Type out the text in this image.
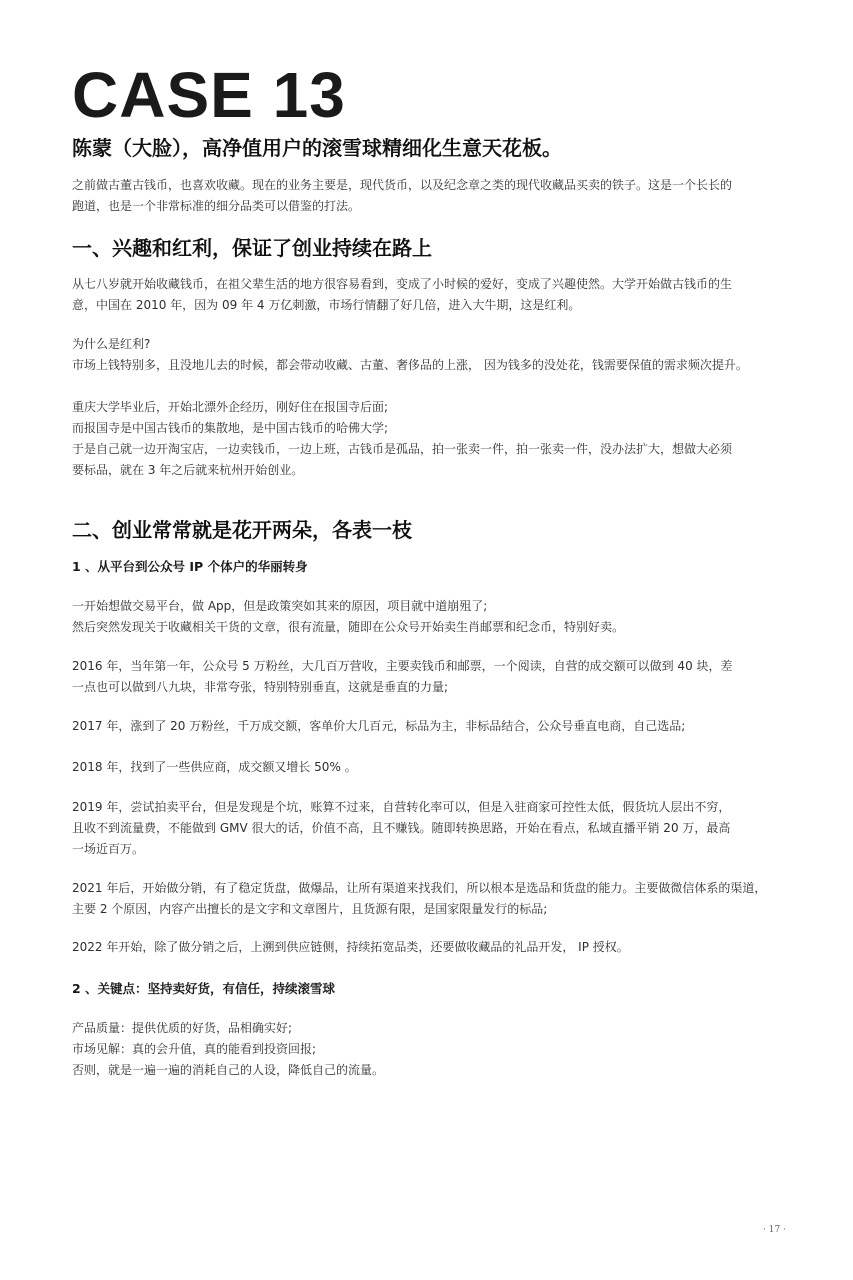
CASE 13
陈蒙（大脸），高净值用户的滚雪球精细化生意天花板。

之前做古董古钱币，也喜欢收藏。现在的业务主要是，现代货币，以及纪念章之类的现代收藏品买卖的铁子。这是一个长长的
跑道，也是一个非常标准的细分品类可以借鉴的打法。

一、兴趣和红利，保证了创业持续在路上

从七八岁就开始收藏钱币，在祖父辈生活的地方很容易看到，变成了小时候的爱好，变成了兴趣使然。大学开始做古钱币的生
意，中国在 2010 年，因为 09 年 4 万亿刺激，市场行情翻了好几倍，进入大牛期，这是红利。

为什么是红利?
市场上钱特别多，且没地儿去的时候，都会带动收藏、古董、奢侈品的上涨， 因为钱多的没处花，钱需要保值的需求频次提升。

重庆大学毕业后，开始北漂外企经历，刚好住在报国寺后面;
而报国寺是中国古钱币的集散地，是中国古钱币的哈佛大学;
于是自己就一边开淘宝店，一边卖钱币，一边上班，古钱币是孤品，拍一张卖一件，拍一张卖一件，没办法扩大，想做大必须
要标品，就在 3 年之后就来杭州开始创业。

二、创业常常就是花开两朵，各表一枝
1 、从平台到公众号 IP 个体户的华丽转身

一开始想做交易平台，做 App，但是政策突如其来的原因，项目就中道崩殂了;
然后突然发现关于收藏相关干货的文章，很有流量，随即在公众号开始卖生肖邮票和纪念币，特别好卖。

2016 年，当年第一年，公众号 5 万粉丝，大几百万营收，主要卖钱币和邮票，一个阅读，自营的成交额可以做到 40 块，差
一点也可以做到八九块，非常夸张，特别特别垂直，这就是垂直的力量;

2017 年，涨到了 20 万粉丝，千万成交额，客单价大几百元，标品为主，非标品结合，公众号垂直电商，自己选品;

2018 年，找到了一些供应商，成交额又增长 50% 。

2019 年，尝试拍卖平台，但是发现是个坑，账算不过来，自营转化率可以，但是入驻商家可控性太低，假货坑人层出不穷，
且收不到流量费，不能做到 GMV 很大的话，价值不高，且不赚钱。随即转换思路，开始在看点，私域直播平销 20 万，最高
一场近百万。

2021 年后，开始做分销，有了稳定货盘，做爆品，让所有渠道来找我们，所以根本是选品和货盘的能力。主要做微信体系的渠道，
主要 2 个原因，内容产出擅长的是文字和文章图片，且货源有限，是国家限量发行的标品;

2022 年开始，除了做分销之后，上溯到供应链侧，持续拓宽品类，还要做收藏品的礼品开发， IP 授权。

2 、关键点：坚持卖好货，有信任，持续滚雪球

产品质量：提供优质的好货，品相确实好;
市场见解：真的会升值，真的能看到投资回报;
否则，就是一遍一遍的消耗自己的人设，降低自己的流量。

· 17 ·
